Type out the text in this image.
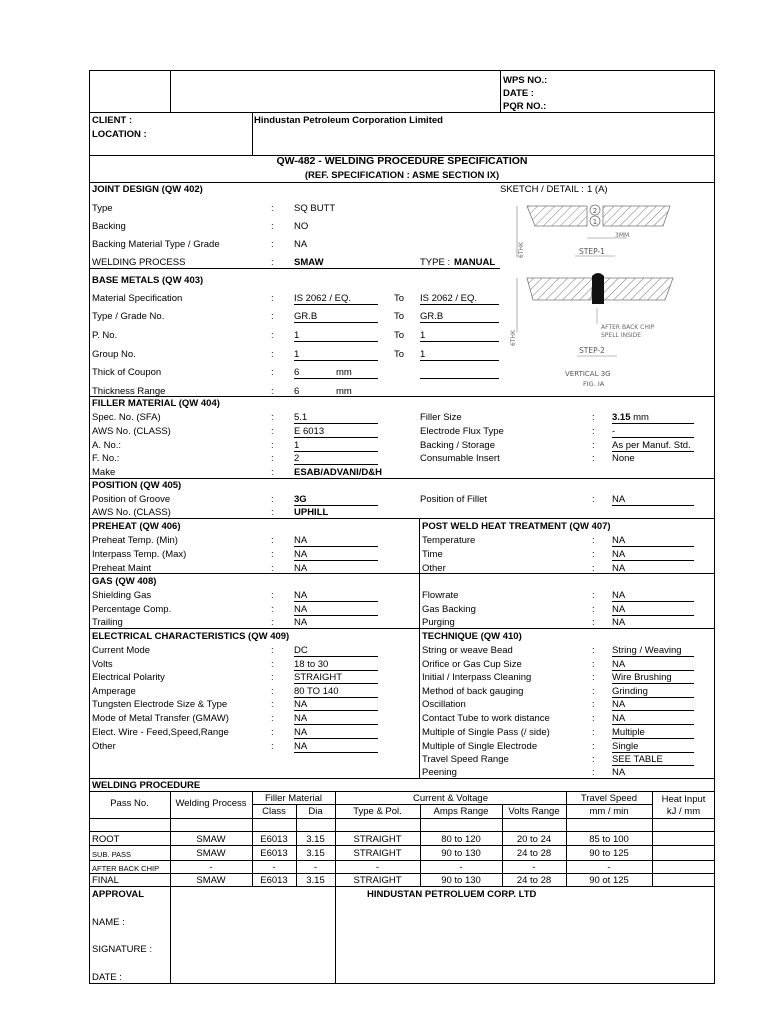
WPS NO.:
DATE :
PQR NO.:
CLIENT :
LOCATION :
Hindustan Petroleum Corporation Limited
QW-482 - WELDING PROCEDURE SPECIFICATION
(REF. SPECIFICATION : ASME SECTION IX)
JOINT DESIGN (QW 402)	SKETCH / DETAIL : 1 (A)
Type	: SQ BUTT
Backing	: NO
Backing Material Type / Grade	: NA
WELDING PROCESS	: SMAW	TYPE : MANUAL
2
1
6THK
3MM
STEP-1
6THK
AFTER BACK CHIP
SPELL INSIDE
STEP-2
VERTICAL 3G
FIG. IA
BASE METALS (QW 403)
Material Specification	: IS 2062 / EQ.	To IS 2062 / EQ.
Type / Grade No.	: GR.B	To GR.B
P. No.	: 1	To 1
Group No.	: 1	To 1
Thick of Coupon	: 6	mm
Thickness Range	: 6	mm
FILLER MATERIAL (QW 404)
Spec. No. (SFA)	: 5.1
AWS No. (CLASS)	: E 6013
A. No.:	: 1
F. No.:	: 2
Make	: ESAB/ADVANI/D&H
Filler Size	: 3.15 mm
Electrode Flux Type	: -
Backing / Storage	: As per Manuf. Std.
Consumable Insert	: None
POSITION (QW 405)
Position of Groove	: 3G	Position of Fillet	: NA
AWS No. (CLASS)	: UPHILL
PREHEAT (QW 406)
Preheat Temp. (Min)	: NA
Interpass Temp. (Max)	: NA
Preheat Maint	: NA
POST WELD HEAT TREATMENT (QW 407)
Temperature	: NA
Time	: NA
Other	: NA
GAS (QW 408)
Shielding Gas	: NA
Percentage Comp.	: NA
Trailing	: NA
Flowrate	: NA
Gas Backing	: NA
Purging	: NA
ELECTRICAL CHARACTERISTICS (QW 409)	TECHNIQUE (QW 410)
Current Mode	: DC
Volts	: 18 to 30
Electrical Polarity	: STRAIGHT
Amperage	: 80 TO 140
Tungsten Electrode Size & Type	: NA
Mode of Metal Transfer (GMAW)	: NA
Elect. Wire - Feed,Speed,Range	: NA
Other	: NA
String or weave Bead	: String / Weaving
Orifice or Gas Cup Size	: NA
Initial / Interpass Cleaning	: Wire Brushing
Method of back gauging	: Grinding
Oscillation	: NA
Contact Tube to work distance	: NA
Multiple of Single Pass (/ side)	: Multiple
Multiple of Single Electrode	: Single
Travel Speed Range	: SEE TABLE
Peening	: NA
WELDING PROCEDURE
Pass No.	Welding Process	Filler Material
Class	Dia
Current & Voltage
Type & Pol.	Amps Range	Volts Range
Travel Speed
mm / min
Heat Input
kJ / mm
ROOT	SMAW	E6013	3.15	STRAIGHT	80 to 120	20 to 24	85 to 100
SUB. PASS	SMAW	E6013	3.15	STRAIGHT	90 to 130	24 to 28	90 to 125
AFTER BACK CHIP	-	-	-	-	-	-	-
FINAL	SMAW	E6013	3.15	STRAIGHT	90 to 130	24 to 28	90 ot 125
APPROVAL	HINDUSTAN PETROLUEM CORP. LTD
NAME :
SIGNATURE :
DATE :
